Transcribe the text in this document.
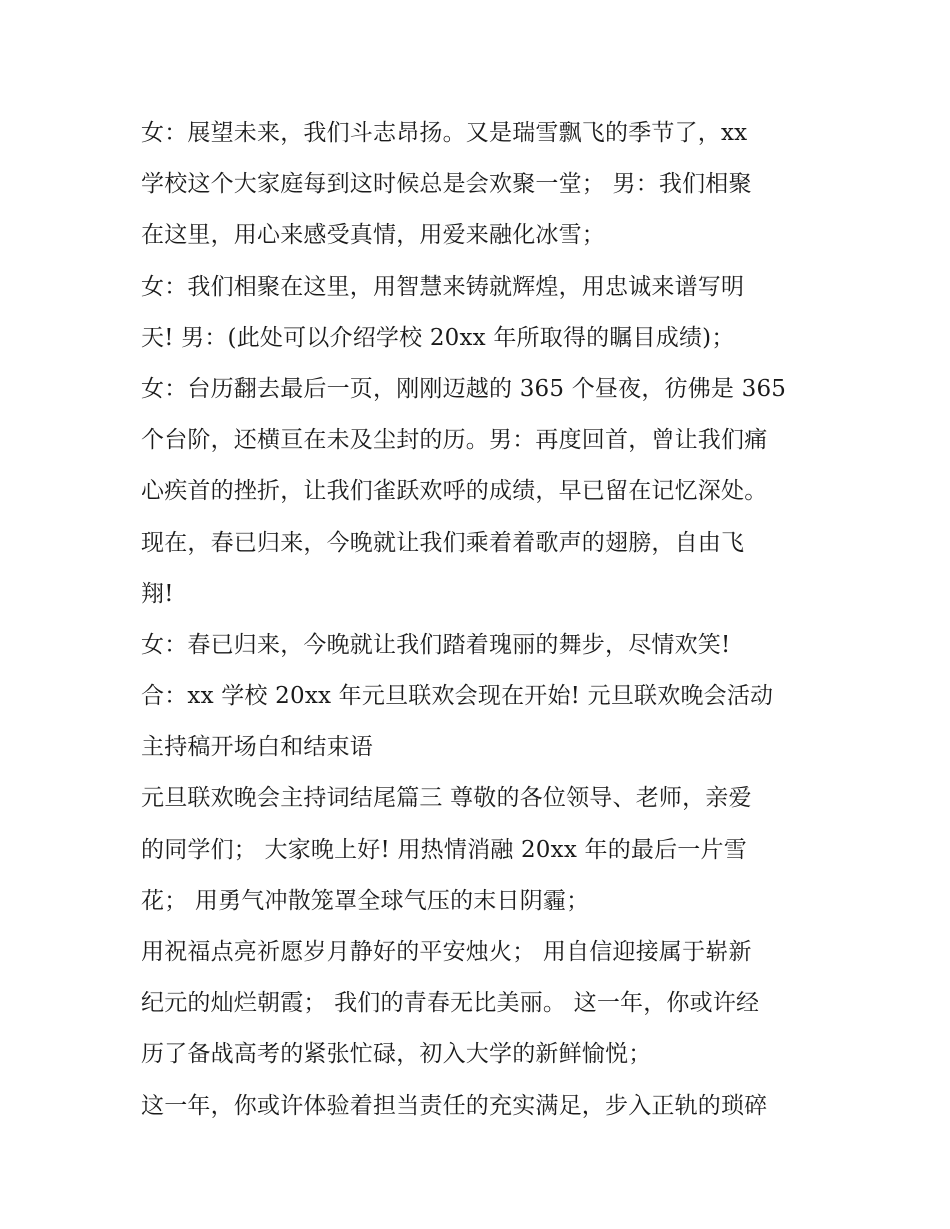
女：展望未来，我们斗志昂扬。又是瑞雪飘飞的季节了，xx
学校这个大家庭每到这时候总是会欢聚一堂； 男：我们相聚
在这里，用心来感受真情，用爱来融化冰雪；
女：我们相聚在这里，用智慧来铸就辉煌，用忠诚来谱写明
天! 男：(此处可以介绍学校 20xx 年所取得的瞩目成绩)；
女：台历翻去最后一页，刚刚迈越的 365 个昼夜，彷佛是 365
个台阶，还横亘在未及尘封的历。男：再度回首，曾让我们痛
心疾首的挫折，让我们雀跃欢呼的成绩，早已留在记忆深处。
现在，春已归来，今晚就让我们乘着着歌声的翅膀，自由飞
翔!
女：春已归来，今晚就让我们踏着瑰丽的舞步，尽情欢笑!
合：xx 学校 20xx 年元旦联欢会现在开始! 元旦联欢晚会活动
主持稿开场白和结束语
元旦联欢晚会主持词结尾篇三 尊敬的各位领导、老师，亲爱
的同学们； 大家晚上好! 用热情消融 20xx 年的最后一片雪
花； 用勇气冲散笼罩全球气压的末日阴霾；
用祝福点亮祈愿岁月静好的平安烛火； 用自信迎接属于崭新
纪元的灿烂朝霞； 我们的青春无比美丽。 这一年，你或许经
历了备战高考的紧张忙碌，初入大学的新鲜愉悦；
这一年，你或许体验着担当责任的充实满足，步入正轨的琐碎
